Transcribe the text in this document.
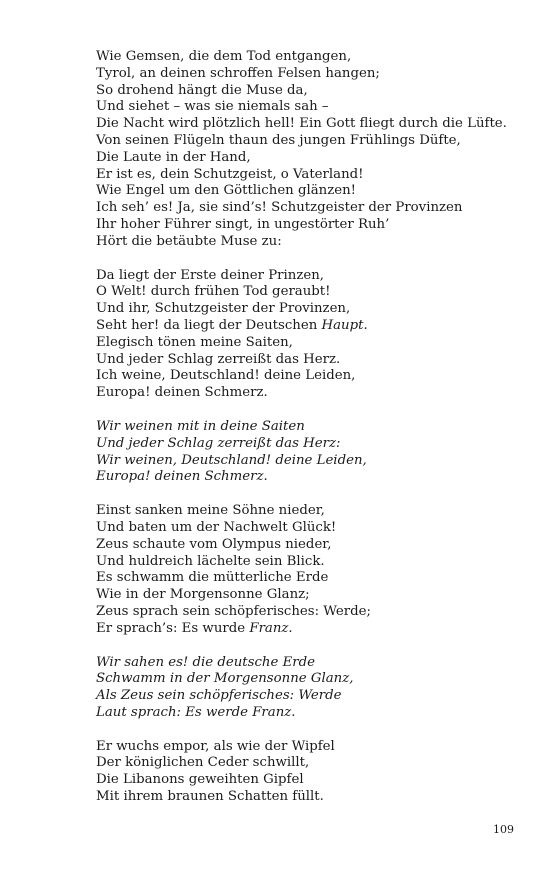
Wie Gemsen, die dem Tod entgangen,
Tyrol, an deinen schroffen Felsen hangen;
So drohend hängt die Muse da,
Und siehet – was sie niemals sah –
Die Nacht wird plötzlich hell! Ein Gott fliegt durch die Lüfte.
Von seinen Flügeln thaun des jungen Frühlings Düfte,
Die Laute in der Hand,
Er ist es, dein Schutzgeist, o Vaterland!
Wie Engel um den Göttlichen glänzen!
Ich seh’ es! Ja, sie sind’s! Schutzgeister der Provinzen
Ihr hoher Führer singt, in ungestörter Ruh’
Hört die betäubte Muse zu:
Da liegt der Erste deiner Prinzen,
O Welt! durch frühen Tod geraubt!
Und ihr, Schutzgeister der Provinzen,
Seht her! da liegt der Deutschen Haupt.
Elegisch tönen meine Saiten,
Und jeder Schlag zerreißt das Herz.
Ich weine, Deutschland! deine Leiden,
Europa! deinen Schmerz.
Wir weinen mit in deine Saiten
Und jeder Schlag zerreißt das Herz:
Wir weinen, Deutschland! deine Leiden,
Europa! deinen Schmerz.
Einst sanken meine Söhne nieder,
Und baten um der Nachwelt Glück!
Zeus schaute vom Olympus nieder,
Und huldreich lächelte sein Blick.
Es schwamm die mütterliche Erde
Wie in der Morgensonne Glanz;
Zeus sprach sein schöpferisches: Werde;
Er sprach’s: Es wurde Franz.
Wir sahen es! die deutsche Erde
Schwamm in der Morgensonne Glanz,
Als Zeus sein schöpferisches: Werde
Laut sprach: Es werde Franz.
Er wuchs empor, als wie der Wipfel
Der königlichen Ceder schwillt,
Die Libanons geweihten Gipfel
Mit ihrem braunen Schatten füllt.
109
